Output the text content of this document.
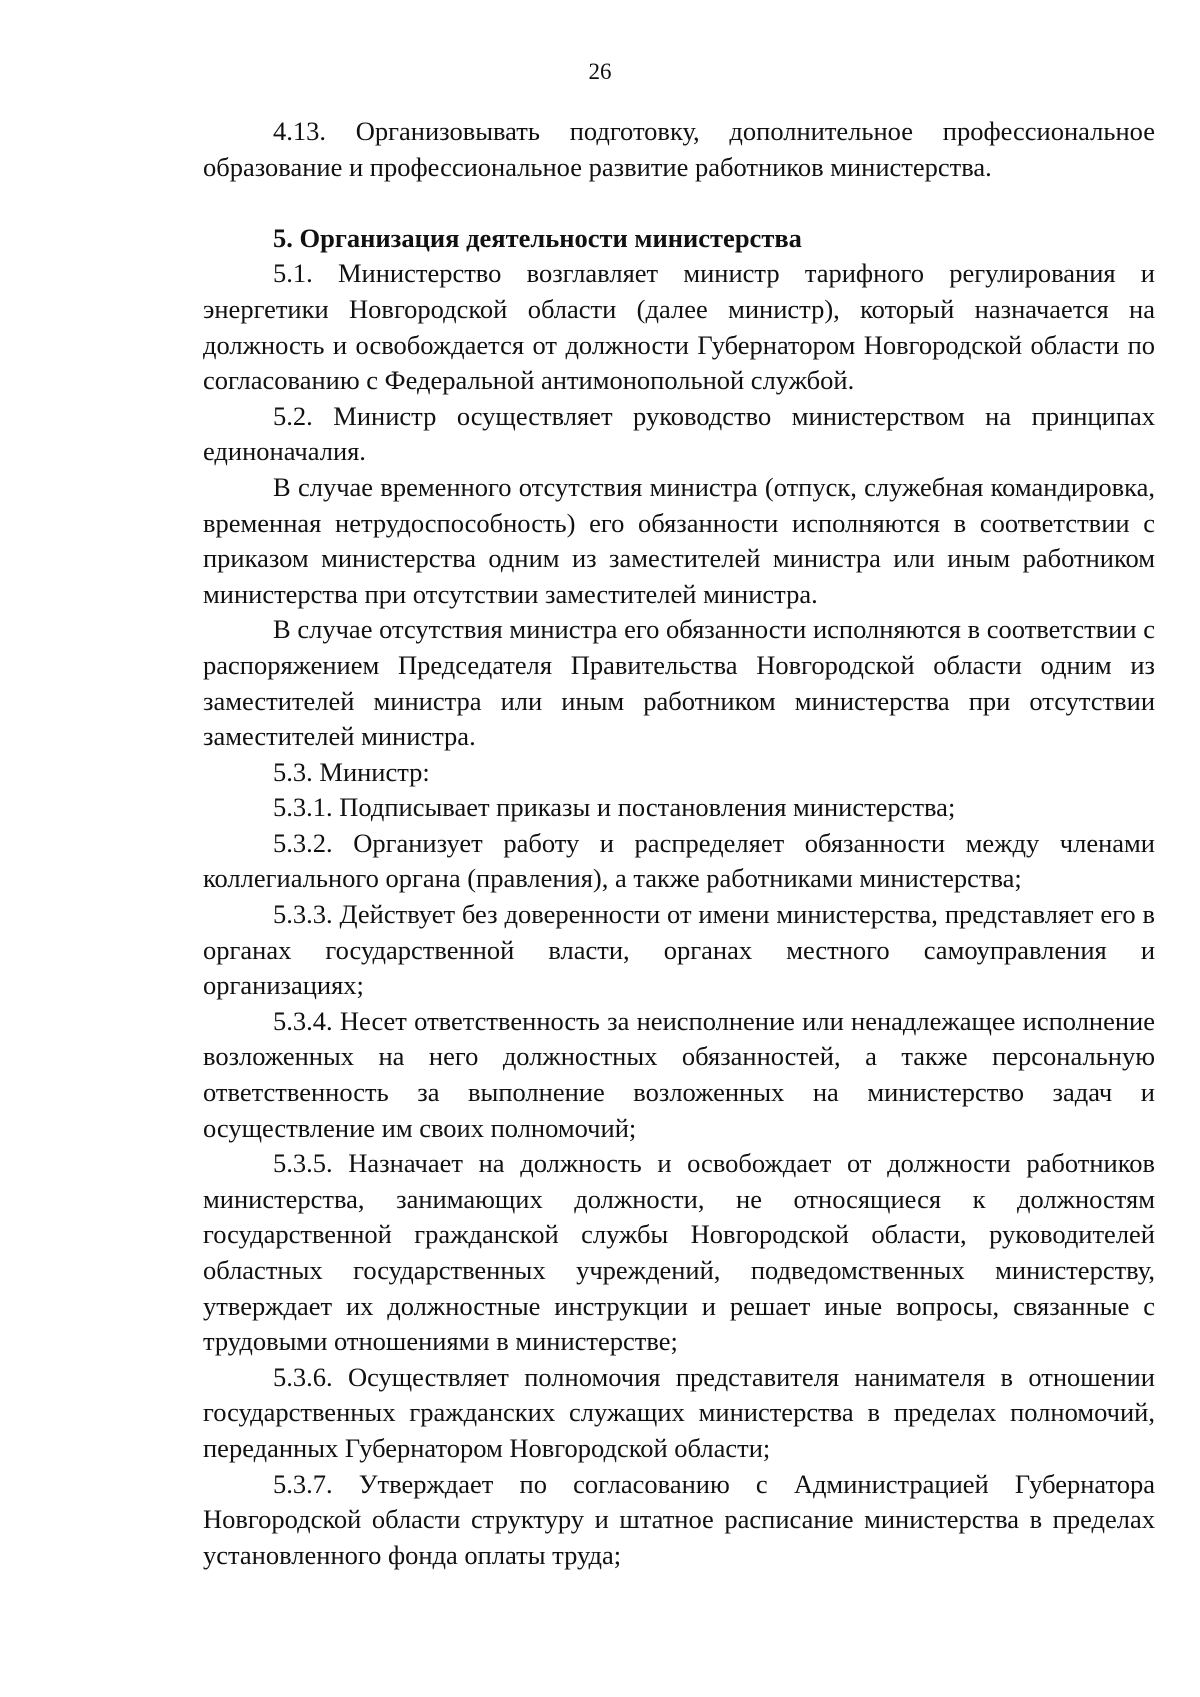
26

4.13. Организовывать подготовку, дополнительное профессиональное образование и профессиональное развитие работников министерства.

5. Организация деятельности министерства

5.1. Министерство возглавляет министр тарифного регулирования и энергетики Новгородской области (далее министр), который назначается на должность и освобождается от должности Губернатором Новгородской области по согласованию с Федеральной антимонопольной службой.

5.2. Министр осуществляет руководство министерством на принципах единоначалия.

В случае временного отсутствия министра (отпуск, служебная командировка, временная нетрудоспособность) его обязанности исполняются в соответствии с приказом министерства одним из заместителей министра или иным работником министерства при отсутствии заместителей министра.

В случае отсутствия министра его обязанности исполняются в соответствии с распоряжением Председателя Правительства Новгородской области одним из заместителей министра или иным работником министерства при отсутствии заместителей министра.

5.3. Министр:

5.3.1. Подписывает приказы и постановления министерства;

5.3.2. Организует работу и распределяет обязанности между членами коллегиального органа (правления), а также работниками министерства;

5.3.3. Действует без доверенности от имени министерства, представляет его в органах государственной власти, органах местного самоуправления и организациях;

5.3.4. Несет ответственность за неисполнение или ненадлежащее исполнение возложенных на него должностных обязанностей, а также персональную ответственность за выполнение возложенных на министерство задач и осуществление им своих полномочий;

5.3.5. Назначает на должность и освобождает от должности работников министерства, занимающих должности, не относящиеся к должностям государственной гражданской службы Новгородской области, руководителей областных государственных учреждений, подведомственных министерству, утверждает их должностные инструкции и решает иные вопросы, связанные с трудовыми отношениями в министерстве;

5.3.6. Осуществляет полномочия представителя нанимателя в отношении государственных гражданских служащих министерства в пределах полномочий, переданных Губернатором Новгородской области;

5.3.7. Утверждает по согласованию с Администрацией Губернатора Новгородской области структуру и штатное расписание министерства в пределах установленного фонда оплаты труда;
